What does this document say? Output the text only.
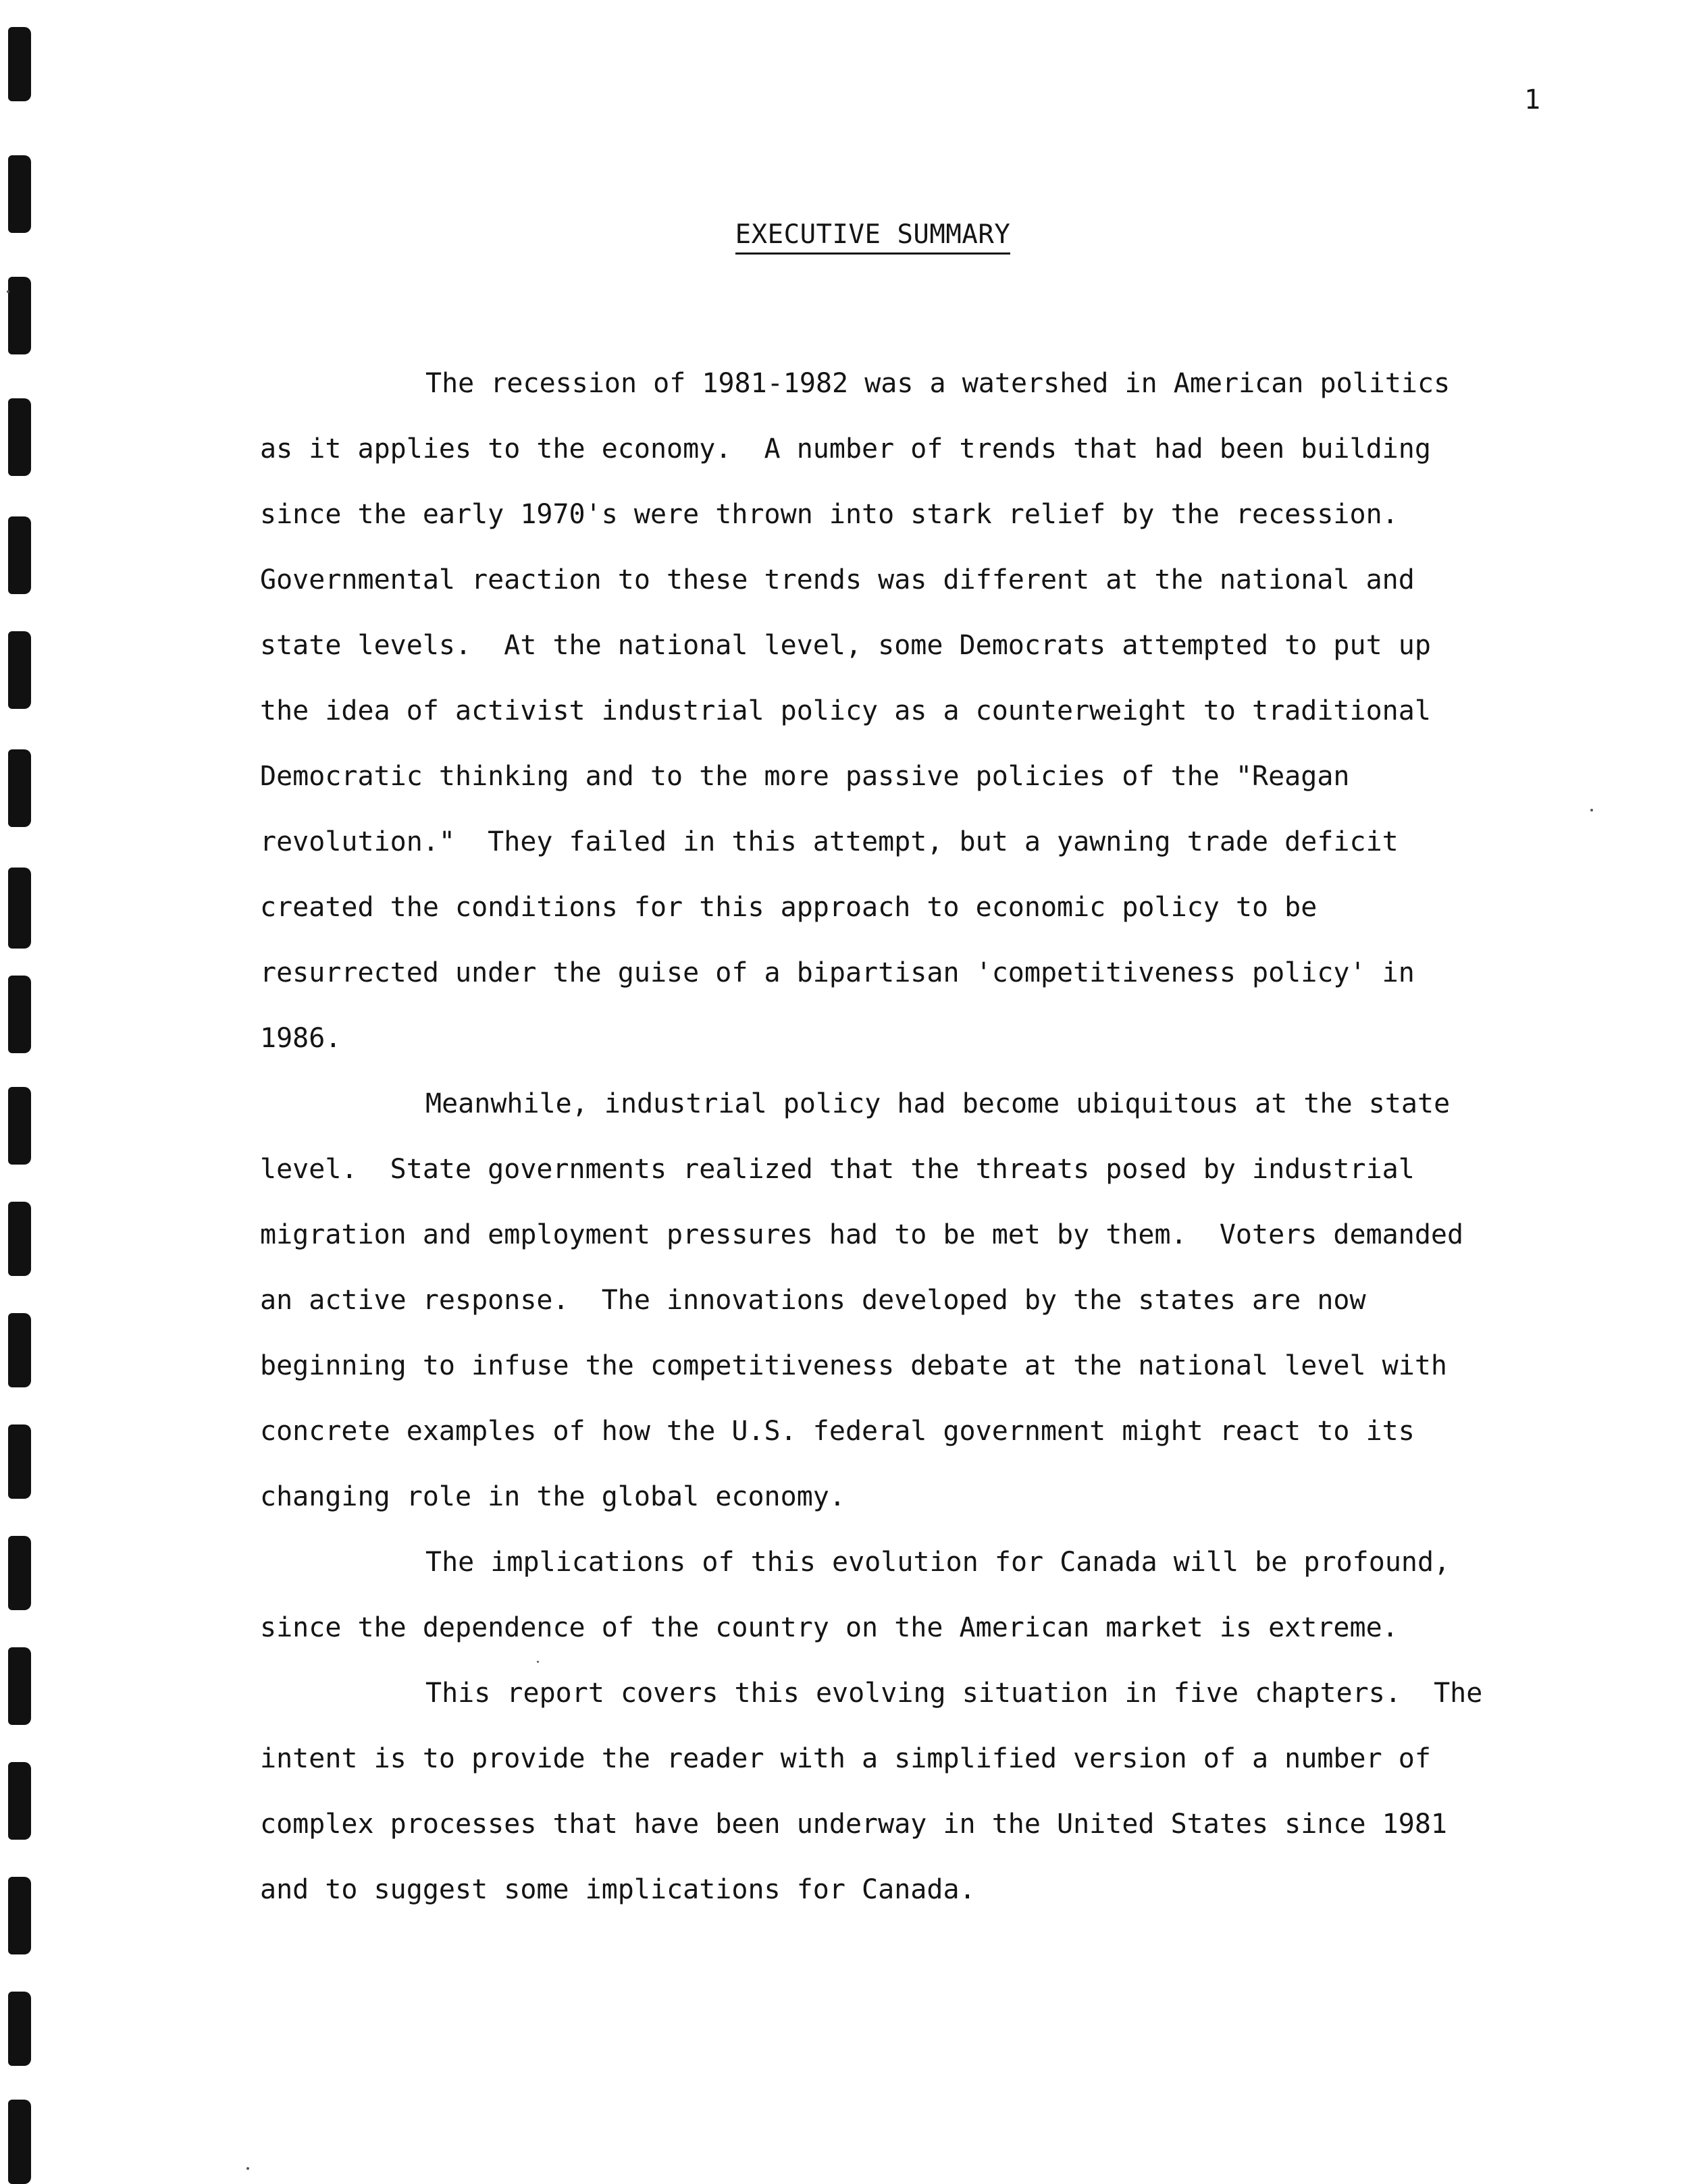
1
EXECUTIVE SUMMARY
The recession of 1981-1982 was a watershed in American politics
as it applies to the economy.  A number of trends that had been building
since the early 1970's were thrown into stark relief by the recession.
Governmental reaction to these trends was different at the national and
state levels.  At the national level, some Democrats attempted to put up
the idea of activist industrial policy as a counterweight to traditional
Democratic thinking and to the more passive policies of the "Reagan
revolution."  They failed in this attempt, but a yawning trade deficit
created the conditions for this approach to economic policy to be
resurrected under the guise of a bipartisan 'competitiveness policy' in
1986.
Meanwhile, industrial policy had become ubiquitous at the state
level.  State governments realized that the threats posed by industrial
migration and employment pressures had to be met by them.  Voters demanded
an active response.  The innovations developed by the states are now
beginning to infuse the competitiveness debate at the national level with
concrete examples of how the U.S. federal government might react to its
changing role in the global economy.
The implications of this evolution for Canada will be profound,
since the dependence of the country on the American market is extreme.
This report covers this evolving situation in five chapters.  The
intent is to provide the reader with a simplified version of a number of
complex processes that have been underway in the United States since 1981
and to suggest some implications for Canada.
